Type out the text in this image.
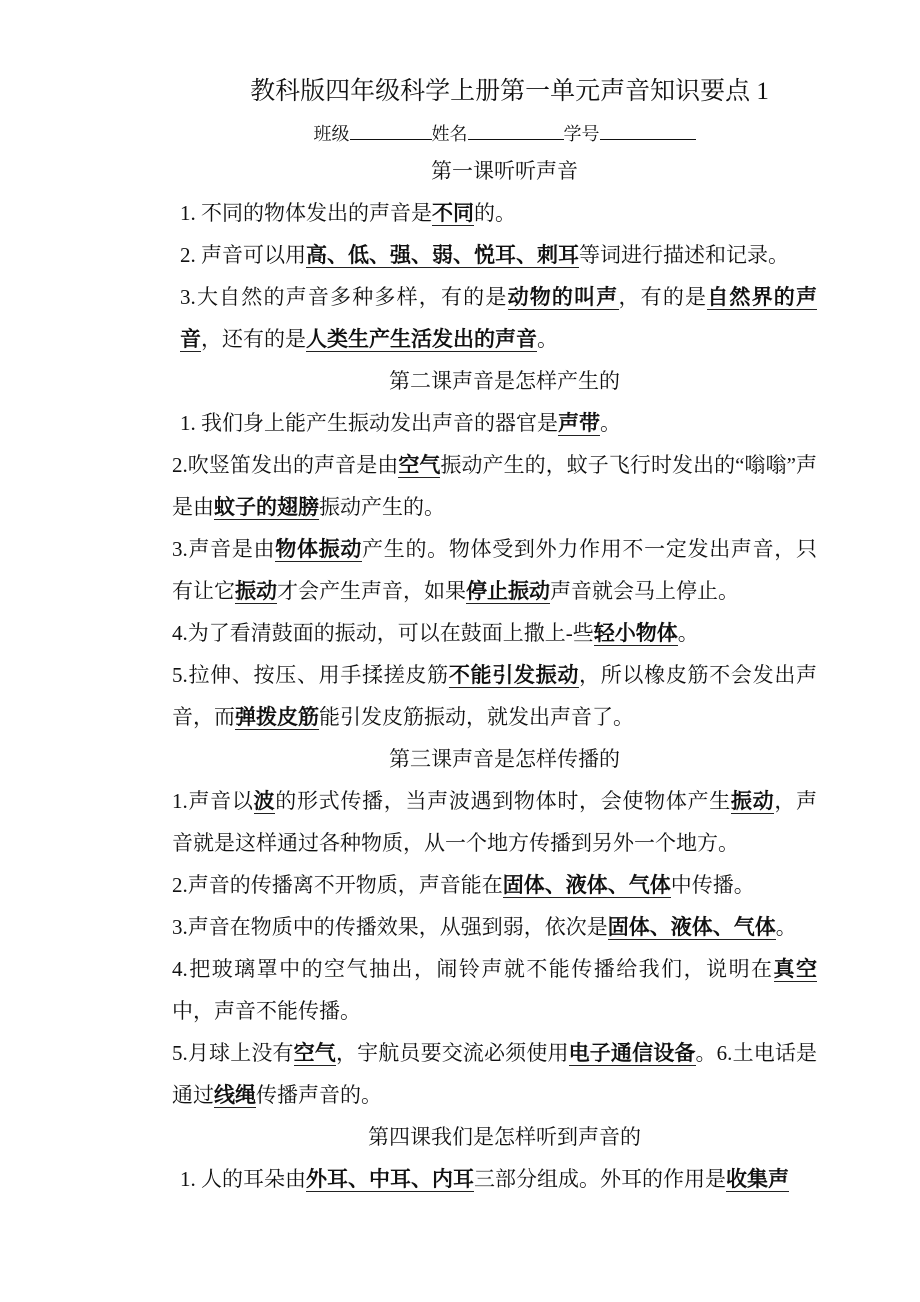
教科版四年级科学上册第一单元声音知识要点 1
班级	姓名	学号
第一课听听声音
1. 不同的物体发出的声音是不同的。
2. 声音可以用高、低、强、弱、悦耳、刺耳等词进行描述和记录。
3.大自然的声音多种多样，有的是动物的叫声，有的是自然界的声音，还有的是人类生产生活发出的声音。
第二课声音是怎样产生的
1. 我们身上能产生振动发出声音的器官是声带。
2.吹竖笛发出的声音是由空气振动产生的，蚊子飞行时发出的“嗡嗡”声是由蚊子的翅膀振动产生的。
3.声音是由物体振动产生的。物体受到外力作用不一定发出声音，只有让它振动才会产生声音，如果停止振动声音就会马上停止。
4.为了看清鼓面的振动，可以在鼓面上撒上-些轻小物体。
5.拉伸、按压、用手揉搓皮筋不能引发振动，所以橡皮筋不会发出声音，而弹拨皮筋能引发皮筋振动，就发出声音了。
第三课声音是怎样传播的
1.声音以波的形式传播，当声波遇到物体时，会使物体产生振动，声音就是这样通过各种物质，从一个地方传播到另外一个地方。
2.声音的传播离不开物质，声音能在固体、液体、气体中传播。
3.声音在物质中的传播效果，从强到弱，依次是固体、液体、气体。
4.把玻璃罩中的空气抽出，闹铃声就不能传播给我们，说明在真空中，声音不能传播。
5.月球上没有空气，宇航员要交流必须使用电子通信设备。6.土电话是通过线绳传播声音的。
第四课我们是怎样听到声音的
1. 人的耳朵由外耳、中耳、内耳三部分组成。外耳的作用是收集声
